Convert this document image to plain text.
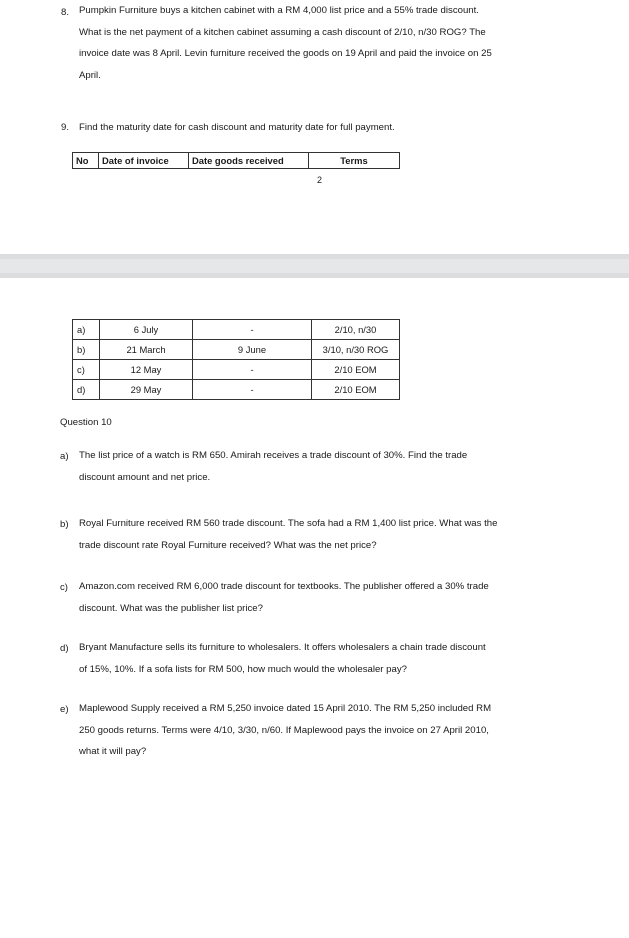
8. Pumpkin Furniture buys a kitchen cabinet with a RM 4,000 list price and a 55% trade discount.
What is the net payment of a kitchen cabinet assuming a cash discount of 2/10, n/30 ROG? The
invoice date was 8 April. Levin furniture received the goods on 19 April and paid the invoice on 25
April.
9. Find the maturity date for cash discount and maturity date for full payment.
No	Date of invoice	Date goods received	Terms
2
a)	6 July	-	2/10, n/30
b)	21 March	9 June	3/10, n/30 ROG
c)	12 May	-	2/10 EOM
d)	29 May	-	2/10 EOM
Question 10
a) The list price of a watch is RM 650. Amirah receives a trade discount of 30%. Find the trade
discount amount and net price.
b) Royal Furniture received RM 560 trade discount. The sofa had a RM 1,400 list price. What was the
trade discount rate Royal Furniture received? What was the net price?
c) Amazon.com received RM 6,000 trade discount for textbooks. The publisher offered a 30% trade
discount. What was the publisher list price?
d) Bryant Manufacture sells its furniture to wholesalers. It offers wholesalers a chain trade discount
of 15%, 10%. If a sofa lists for RM 500, how much would the wholesaler pay?
e) Maplewood Supply received a RM 5,250 invoice dated 15 April 2010. The RM 5,250 included RM
250 goods returns. Terms were 4/10, 3/30, n/60. If Maplewood pays the invoice on 27 April 2010,
what it will pay?
